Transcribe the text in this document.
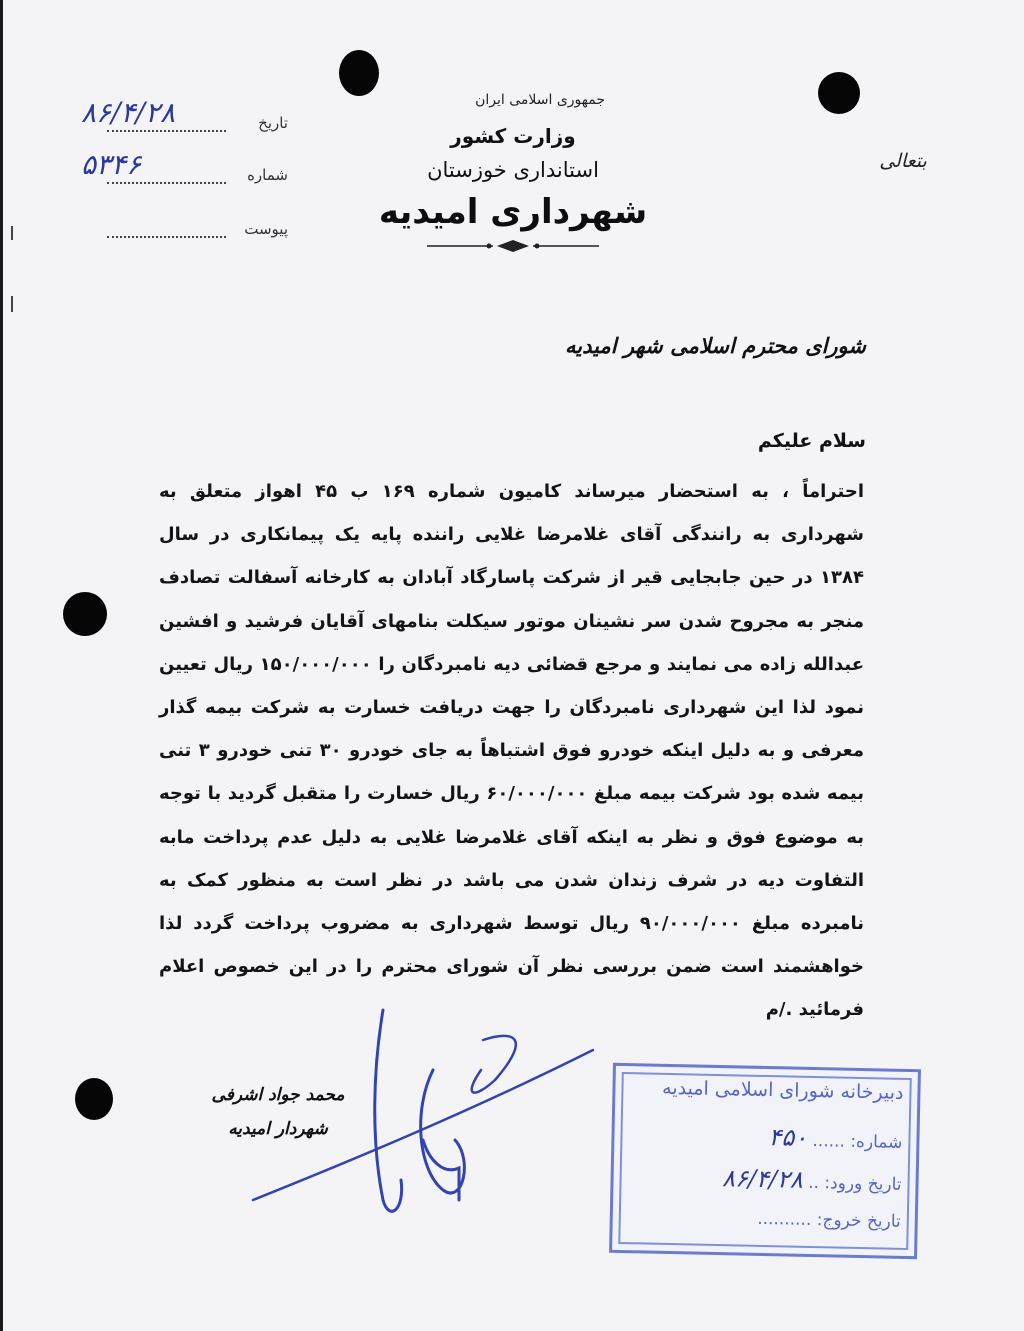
جمهوری اسلامی ایران
وزارت کشور
استانداری خوزستان
شهرداری امیدیه
بتعالی
تاریخ
۸۶/۴/۲۸
شماره
۵۳۴۶
پیوست
شورای محترم اسلامی شهر امیدیه
سلام علیکم
احتراماً ، به استحضار میرساند کامیون شماره ۱۶۹ ب ۴۵ اهواز متعلق به شهرداری به رانندگی آقای غلامرضا غلایی راننده پایه یک پیمانکاری در سال ۱۳۸۴ در حین جابجایی قیر از شرکت پاسارگاد آبادان به کارخانه آسفالت تصادف منجر به مجروح شدن سر نشینان موتور سیکلت بنامهای آقایان فرشید و افشین عبدالله زاده می نمایند و مرجع قضائی دیه نامبردگان را ۱۵۰/۰۰۰/۰۰۰ ریال تعیین نمود لذا این شهرداری نامبردگان را جهت دریافت خسارت به شرکت بیمه گذار معرفی و به دلیل اینکه خودرو فوق اشتباهاً به جای خودرو ۳۰ تنی خودرو ۳ تنی بیمه شده بود شرکت بیمه مبلغ ۶۰/۰۰۰/۰۰۰ ریال خسارت را متقبل گردید با توجه به موضوع فوق و نظر به اینکه آقای غلامرضا غلایی به دلیل عدم پرداخت مابه التفاوت دیه در شرف زندان شدن می باشد در نظر است به منظور کمک به نامبرده مبلغ ۹۰/۰۰۰/۰۰۰ ریال توسط شهرداری به مضروب پرداخت گردد لذا خواهشمند است ضمن بررسی نظر آن شورای محترم را در این خصوص اعلام فرمائید ./م
محمد جواد اشرفی
شهردار امیدیه
دبیرخانه شورای اسلامی امیدیه
شماره: ...... ۴۵۰
تاریخ ورود: .. ۸۶/۴/۲۸
تاریخ خروج: ..........
